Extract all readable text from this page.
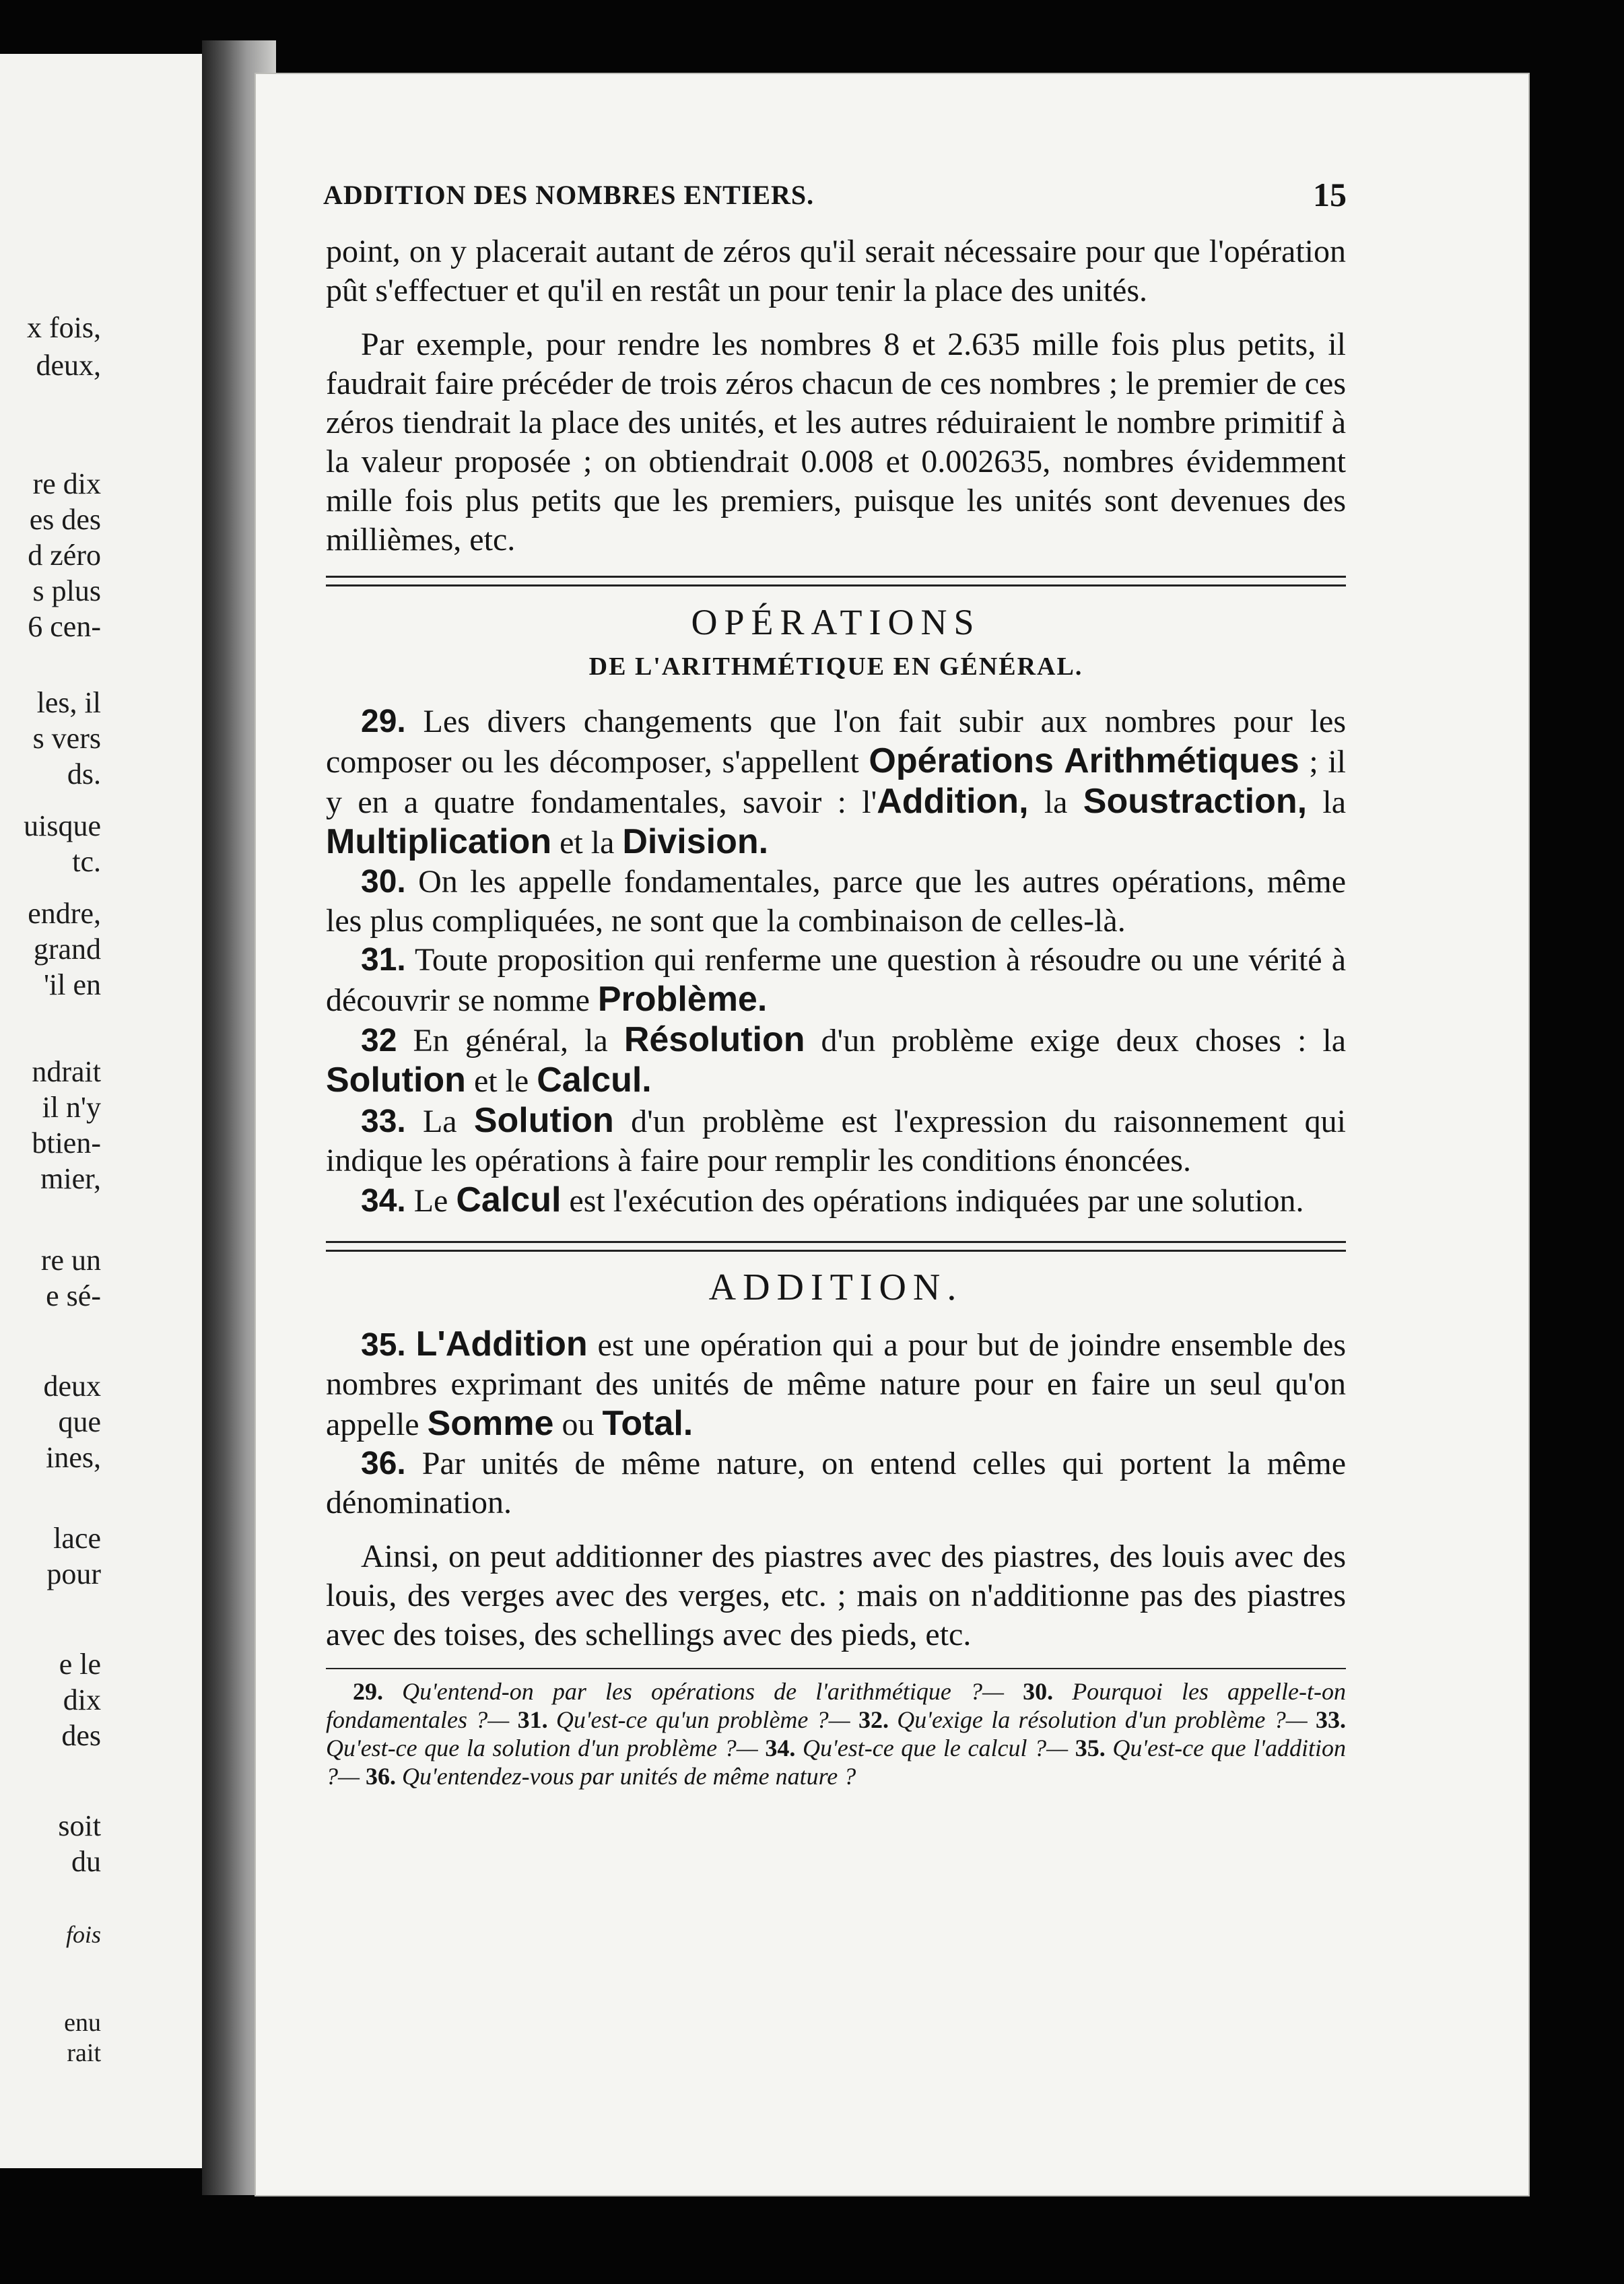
x fois,
deux,
re dix
es des
d zéro
s plus
6 cen-
les, il
s vers
ds.
uisque
tc.
endre,
grand
'il en
ndrait
il n'y
btien-
mier,
re un
e sé-
deux
que
ines,
lace
pour
e le
dix
des
soit
du
fois
enu
rait
ADDITION DES NOMBRES ENTIERS.	15

point, on y placerait autant de zéros qu'il serait nécessaire pour que l'opération pût s'effectuer et qu'il en restât un pour tenir la place des unités.

Par exemple, pour rendre les nombres 8 et 2.635 mille fois plus petits, il faudrait faire précéder de trois zéros chacun de ces nombres ; le premier de ces zéros tiendrait la place des unités, et les autres réduiraient le nombre primitif à la valeur proposée ; on obtiendrait 0.008 et 0.002635, nombres évidemment mille fois plus petits que les premiers, puisque les unités sont devenues des millièmes, etc.

OPÉRATIONS
DE L'ARITHMÉTIQUE EN GÉNÉRAL.

29. Les divers changements que l'on fait subir aux nombres pour les composer ou les décomposer, s'appellent Opérations Arithmétiques ; il y en a quatre fondamentales, savoir : l'Addition, la Soustraction, la Multiplication et la Division.

30. On les appelle fondamentales, parce que les autres opérations, même les plus compliquées, ne sont que la combinaison de celles-là.

31. Toute proposition qui renferme une question à résoudre ou une vérité à découvrir se nomme Problème.

32 En général, la Résolution d'un problème exige deux choses : la Solution et le Calcul.

33. La Solution d'un problème est l'expression du raisonnement qui indique les opérations à faire pour remplir les conditions énoncées.

34. Le Calcul est l'exécution des opérations indiquées par une solution.

ADDITION.

35. L'Addition est une opération qui a pour but de joindre ensemble des nombres exprimant des unités de même nature pour en faire un seul qu'on appelle Somme ou Total.

36. Par unités de même nature, on entend celles qui portent la même dénomination.

Ainsi, on peut additionner des piastres avec des piastres, des louis avec des louis, des verges avec des verges, etc. ; mais on n'additionne pas des piastres avec des toises, des schellings avec des pieds, etc.

29. Qu'entend-on par les opérations de l'arithmétique ?— 30. Pourquoi les appelle-t-on fondamentales ?— 31. Qu'est-ce qu'un problème ?— 32. Qu'exige la résolution d'un problème ?— 33. Qu'est-ce que la solution d'un problème ?— 34. Qu'est-ce que le calcul ?— 35. Qu'est-ce que l'addition ?— 36. Qu'entendez-vous par unités de même nature ?
